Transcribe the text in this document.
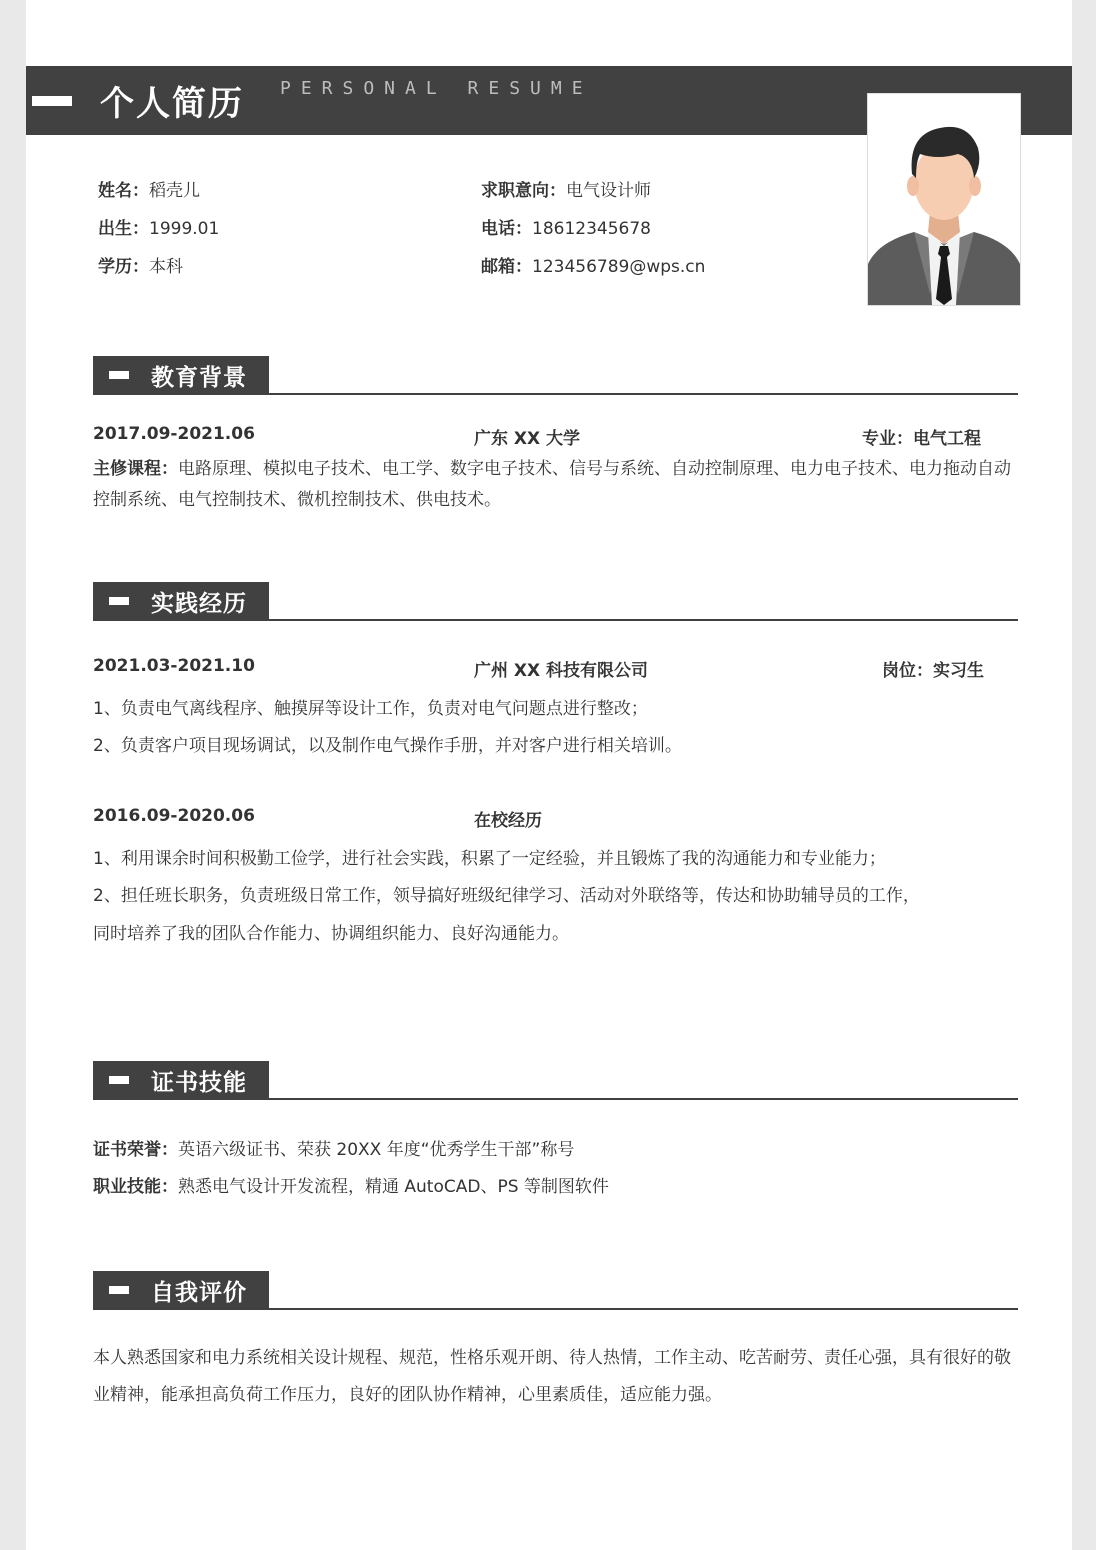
个人简历 PERSONAL RESUME
姓名：稻壳儿
出生：1999.01
学历：本科
求职意向：电气设计师
电话：18612345678
邮箱：123456789@wps.cn
教育背景
2017.09-2021.06	广东 XX 大学	专业：电气工程
主修课程：电路原理、模拟电子技术、电工学、数字电子技术、信号与系统、自动控制原理、电力电子技术、电力拖动自动控制系统、电气控制技术、微机控制技术、供电技术。
实践经历
2021.03-2021.10	广州 XX 科技有限公司	岗位：实习生
1、负责电气离线程序、触摸屏等设计工作，负责对电气问题点进行整改；
2、负责客户项目现场调试，以及制作电气操作手册，并对客户进行相关培训。
2016.09-2020.06	在校经历
1、利用课余时间积极勤工俭学，进行社会实践，积累了一定经验，并且锻炼了我的沟通能力和专业能力；
2、担任班长职务，负责班级日常工作，领导搞好班级纪律学习、活动对外联络等，传达和协助辅导员的工作，
同时培养了我的团队合作能力、协调组织能力、良好沟通能力。
证书技能
证书荣誉：英语六级证书、荣获 20XX 年度“优秀学生干部”称号
职业技能：熟悉电气设计开发流程，精通 AutoCAD、PS 等制图软件
自我评价
本人熟悉国家和电力系统相关设计规程、规范，性格乐观开朗、待人热情，工作主动、吃苦耐劳、责任心强，具有很好的敬业精神，能承担高负荷工作压力，良好的团队协作精神，心里素质佳，适应能力强。
